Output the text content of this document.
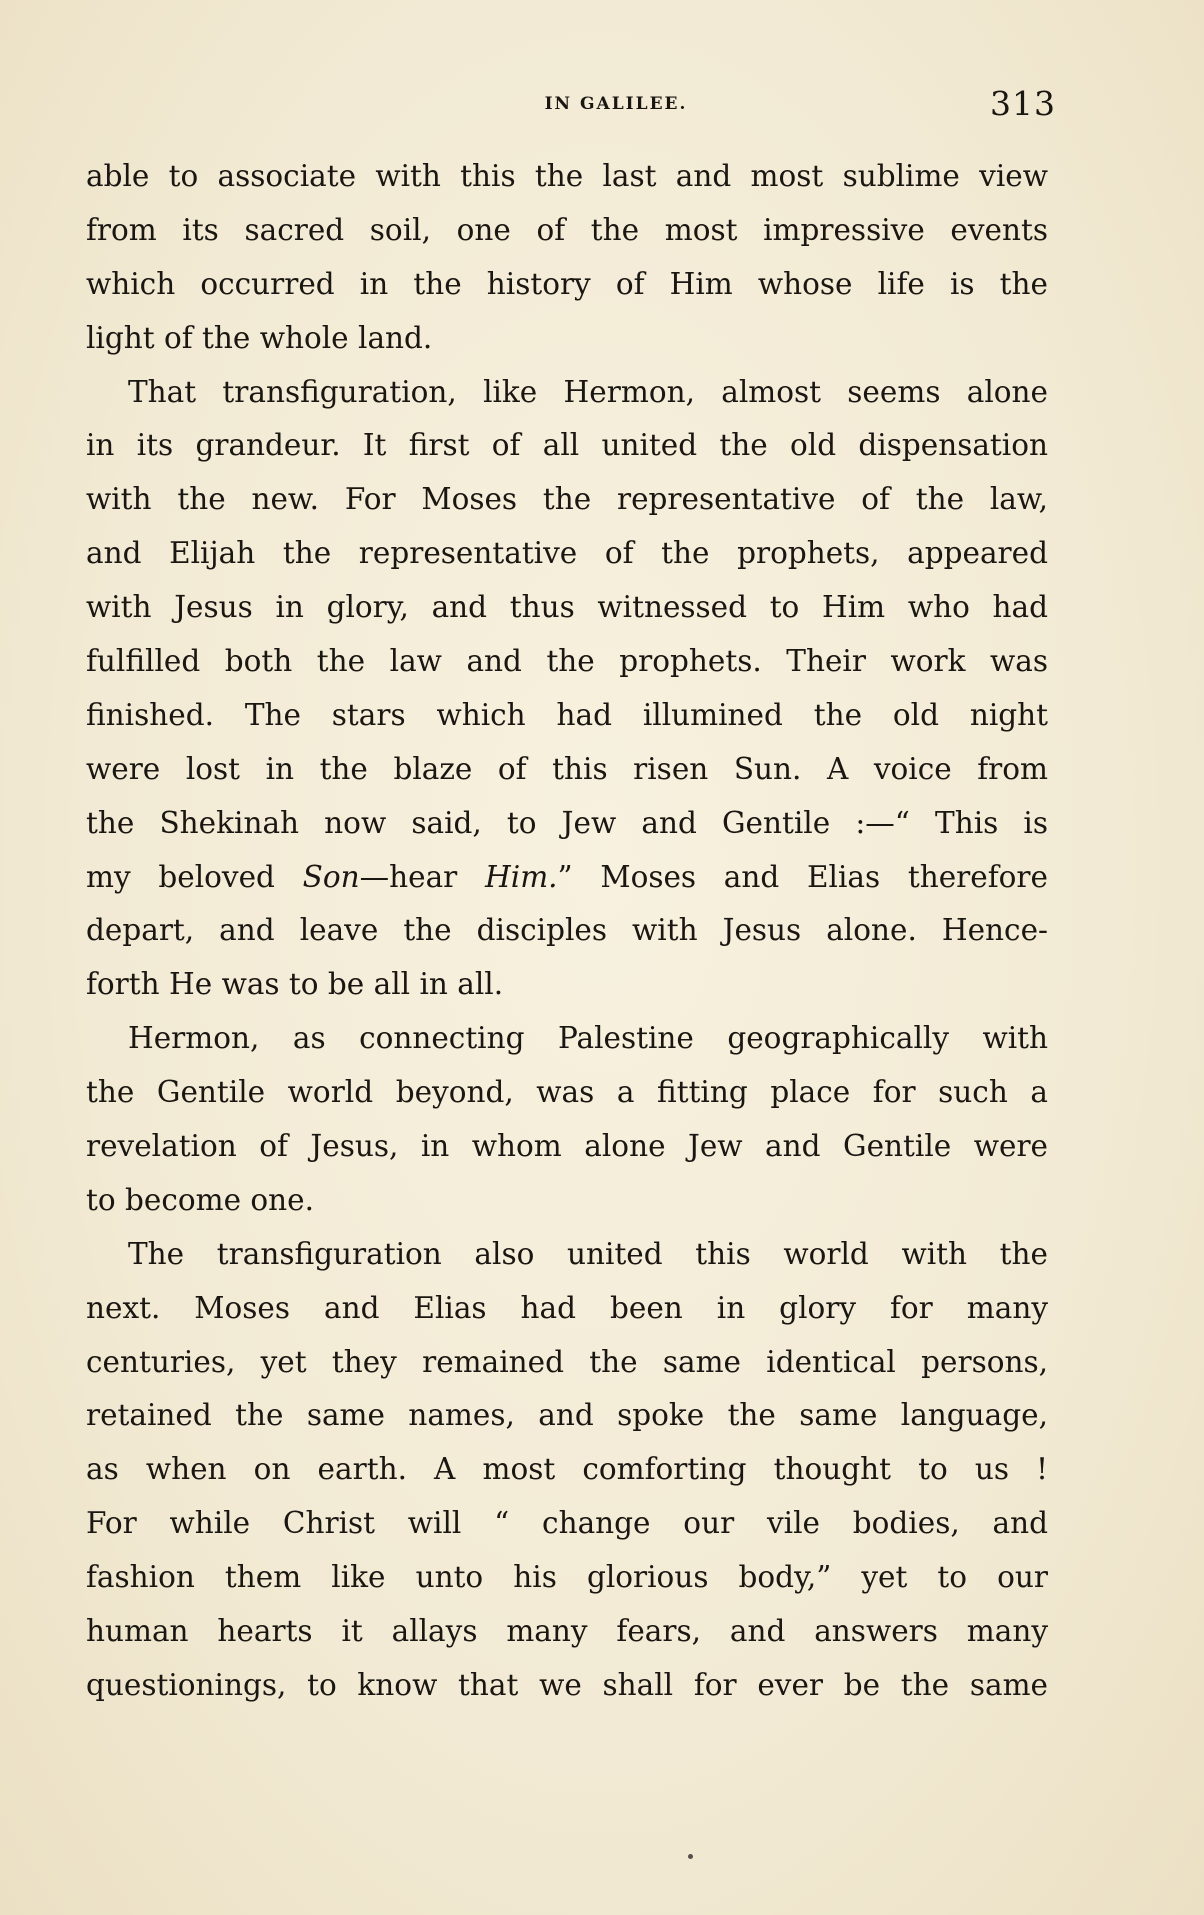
IN GALILEE.	313
able to associate with this the last and most sublime view
from its sacred soil, one of the most impressive events
which occurred in the history of Him whose life is the
light of the whole land.
That transfiguration, like Hermon, almost seems alone
in its grandeur. It first of all united the old dispensation
with the new. For Moses the representative of the law,
and Elijah the representative of the prophets, appeared
with Jesus in glory, and thus witnessed to Him who had
fulfilled both the law and the prophets. Their work was
finished. The stars which had illumined the old night
were lost in the blaze of this risen Sun. A voice from
the Shekinah now said, to Jew and Gentile :—“ This is
my beloved Son—hear Him.” Moses and Elias therefore
depart, and leave the disciples with Jesus alone. Hence-
forth He was to be all in all.
Hermon, as connecting Palestine geographically with
the Gentile world beyond, was a fitting place for such a
revelation of Jesus, in whom alone Jew and Gentile were
to become one.
The transfiguration also united this world with the
next. Moses and Elias had been in glory for many
centuries, yet they remained the same identical persons,
retained the same names, and spoke the same language,
as when on earth. A most comforting thought to us !
For while Christ will “ change our vile bodies, and
fashion them like unto his glorious body,” yet to our
human hearts it allays many fears, and answers many
questionings, to know that we shall for ever be the same
